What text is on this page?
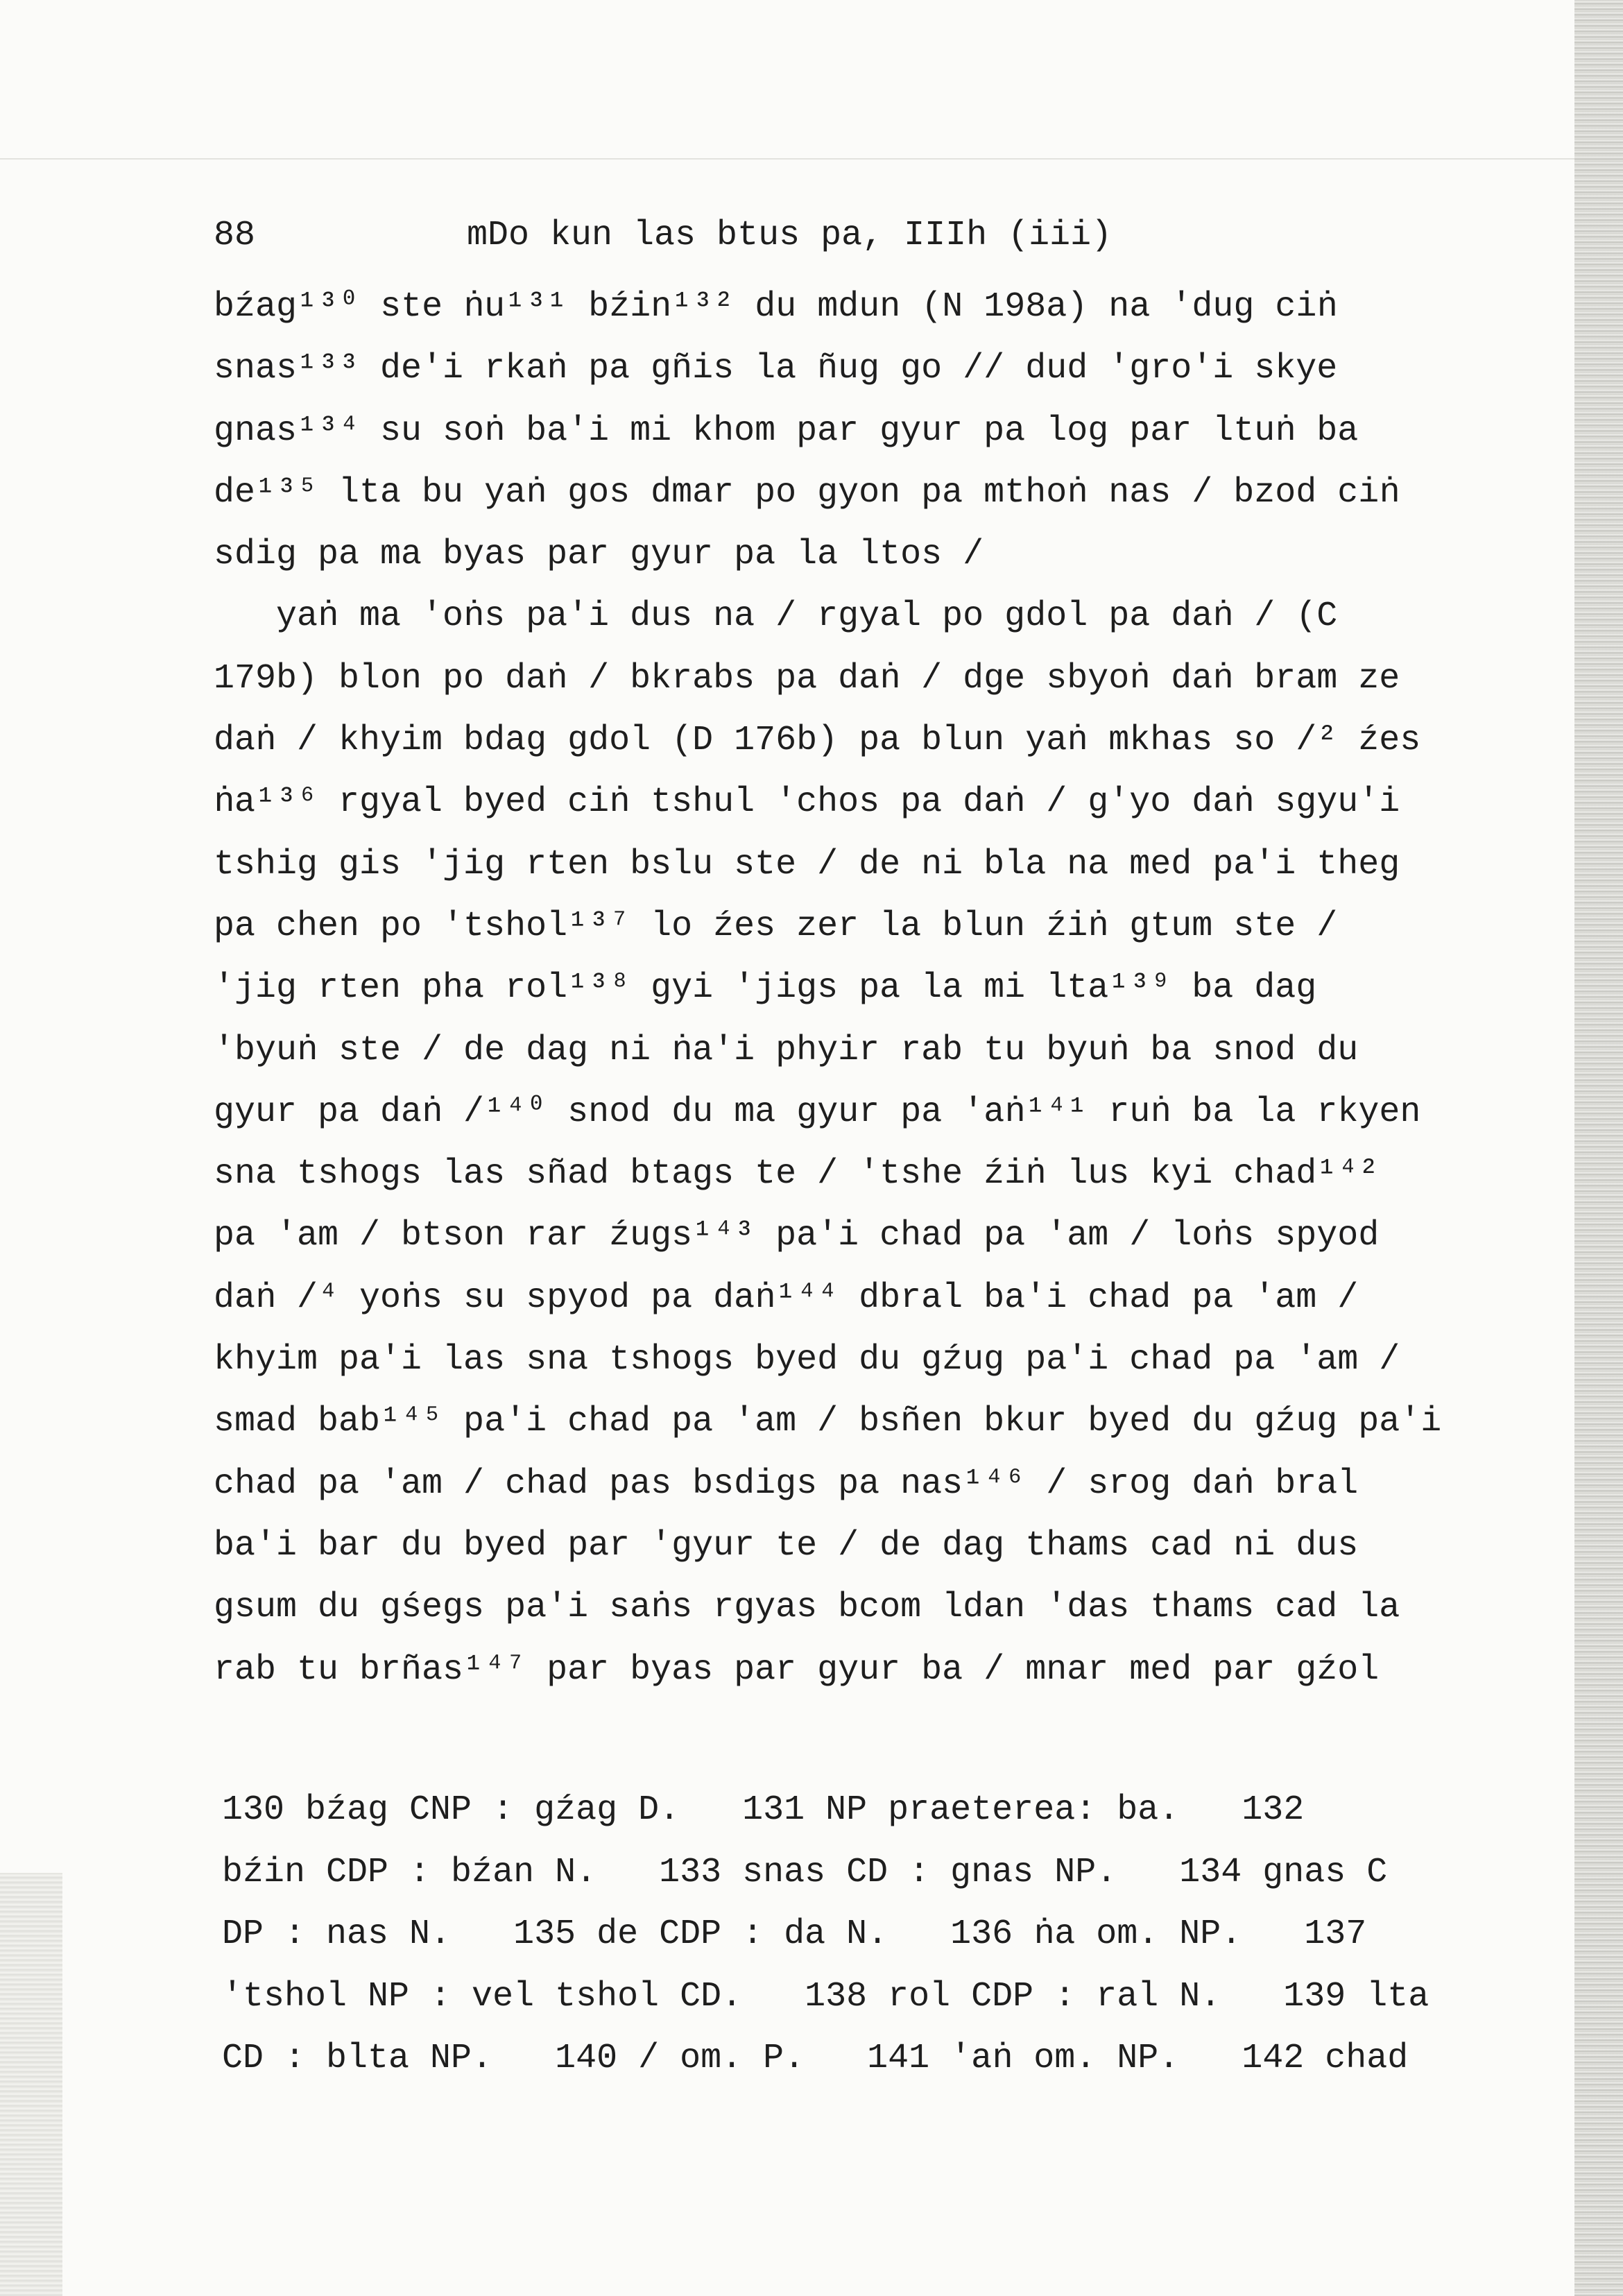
88

	mDo kun las btus pa, IIIh (iii)

bźag¹³⁰ ste ṅu¹³¹ bźin¹³² du mdun (N 198a) na 'dug ciṅ
snas¹³³ de'i rkaṅ pa gñis la ñug go // dud 'gro'i skye
gnas¹³⁴ su soṅ ba'i mi khom par gyur pa log par ltuṅ ba
de¹³⁵ lta bu yaṅ gos dmar po gyon pa mthoṅ nas / bzod ciṅ
sdig pa ma byas par gyur pa la ltos /
yaṅ ma 'oṅs pa'i dus na / rgyal po gdol pa daṅ / (C
179b) blon po daṅ / bkrabs pa daṅ / dge sbyoṅ daṅ bram ze
daṅ / khyim bdag gdol (D 176b) pa blun yaṅ mkhas so /² źes
ṅa¹³⁶ rgyal byed ciṅ tshul 'chos pa daṅ / g'yo daṅ sgyu'i
tshig gis 'jig rten bslu ste / de ni bla na med pa'i theg
pa chen po 'tshol¹³⁷ lo źes zer la blun źiṅ gtum ste /
'jig rten pha rol¹³⁸ gyi 'jigs pa la mi lta¹³⁹ ba dag
'byuṅ ste / de dag ni ṅa'i phyir rab tu byuṅ ba snod du
gyur pa daṅ /¹⁴⁰ snod du ma gyur pa 'aṅ¹⁴¹ ruṅ ba la rkyen
sna tshogs las sñad btags te / 'tshe źiṅ lus kyi chad¹⁴²
pa 'am / btson rar źugs¹⁴³ pa'i chad pa 'am / loṅs spyod
daṅ /⁴ yoṅs su spyod pa daṅ¹⁴⁴ dbral ba'i chad pa 'am /
khyim pa'i las sna tshogs byed du gźug pa'i chad pa 'am /
smad bab¹⁴⁵ pa'i chad pa 'am / bsñen bkur byed du gźug pa'i
chad pa 'am / chad pas bsdigs pa nas¹⁴⁶ / srog daṅ bral
ba'i bar du byed par 'gyur te / de dag thams cad ni dus
gsum du gśegs pa'i saṅs rgyas bcom ldan 'das thams cad la
rab tu brñas¹⁴⁷ par byas par gyur ba / mnar med par gźol
130 bźag CNP : gźag D.   131 NP praeterea: ba.   132
bźin CDP : bźan N.   133 snas CD : gnas NP.   134 gnas C
DP : nas N.   135 de CDP : da N.   136 ṅa om. NP.   137
'tshol NP : vel tshol CD.   138 rol CDP : ral N.   139 lta
CD : blta NP.   140 / om. P.   141 'aṅ om. NP.   142 chad
